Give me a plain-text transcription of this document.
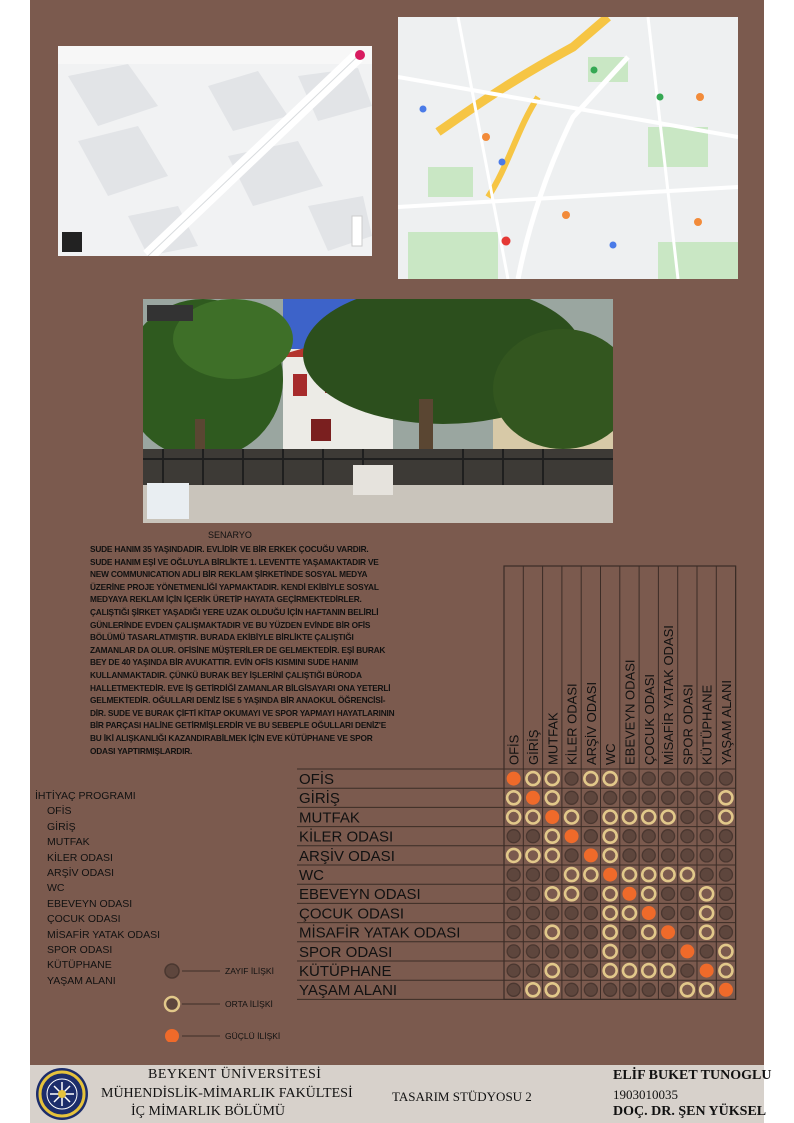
SENARYO
SUDE HANIM 35 YAŞINDADIR. EVLİDİR VE BİR ERKEK ÇOCUĞU VARDIR.
SUDE HANIM EŞİ VE OĞLUYLA BİRLİKTE 1. LEVENTTE YAŞAMAKTADIR VE
NEW COMMUNICATION ADLI BİR REKLAM ŞİRKETİNDE SOSYAL MEDYA
ÜZERİNE PROJE YÖNETMENLİĞİ YAPMAKTADIR. KENDİ EKİBİYLE SOSYAL
MEDYAYA REKLAM İÇİN İÇERİK ÜRETİP HAYATA GEÇİRMEKTEDİRLER.
ÇALIŞTIĞI ŞİRKET YAŞADIĞI YERE UZAK OLDUĞU İÇİN HAFTANIN BELİRLİ
GÜNLERİNDE EVDEN ÇALIŞMAKTADIR VE BU YÜZDEN EVİNDE BİR OFİS
BÖLÜMÜ TASARLATMIŞTIR. BURADA EKİBİYLE BİRLİKTE ÇALIŞTIĞI
ZAMANLAR DA OLUR. OFİSİNE MÜŞTERİLER DE GELMEKTEDİR. EŞİ BURAK
BEY DE 40 YAŞINDA BİR AVUKATTIR. EVİN OFİS KISMINI SUDE HANIM
KULLANMAKTADIR. ÇÜNKÜ BURAK BEY İŞLERİNİ ÇALIŞTIĞI BÜRODA
HALLETMEKTEDİR. EVE İŞ GETİRDİĞİ ZAMANLAR BİLGİSAYARI ONA YETERLİ
GELMEKTEDİR. OĞULLARI DENİZ İSE 5 YAŞINDA BİR ANAOKUL ÖĞRENCİSİ-
DİR. SUDE VE BURAK ÇİFTİ KİTAP OKUMAYI VE SPOR YAPMAYI HAYATLARININ
BİR PARÇASI HALİNE GETİRMİŞLERDİR VE BU SEBEPLE OĞULLARI DENİZ'E
BU İKİ ALIŞKANLIĞI KAZANDIRABİLMEK İÇİN EVE KÜTÜPHANE VE SPOR
ODASI YAPTIRMIŞLARDIR.
İHTİYAÇ PROGRAMI
OFİS
GİRİŞ
MUTFAK
KİLER ODASI
ARŞİV ODASI
WC
EBEVEYN ODASI
ÇOCUK ODASI
MİSAFİR YATAK ODASI
SPOR ODASI
KÜTÜPHANE
YAŞAM ALANI
ZAYIF İLİŞKİ
ORTA İLİŞKİ
GÜÇLÜ İLİŞKİ
OFİS GİRİŞ MUTFAK KİLER ODASI ARŞİV ODASI WC EBEVEYN ODASI ÇOCUK ODASI MİSAFİR YATAK ODASI SPOR ODASI KÜTÜPHANE YAŞAM ALANI
OFİS
GİRİŞ
MUTFAK
KİLER ODASI
ARŞİV ODASI
WC
EBEVEYN ODASI
ÇOCUK ODASI
MİSAFİR YATAK ODASI
SPOR ODASI
KÜTÜPHANE
YAŞAM ALANI
BEYKENT ÜNİVERSİTESİ
MÜHENDİSLİK-MİMARLIK FAKÜLTESİ
İÇ MİMARLIK BÖLÜMÜ
TASARIM STÜDYOSU 2
ELİF BUKET TUNOGLU
1903010035
DOÇ. DR. ŞEN YÜKSEL
